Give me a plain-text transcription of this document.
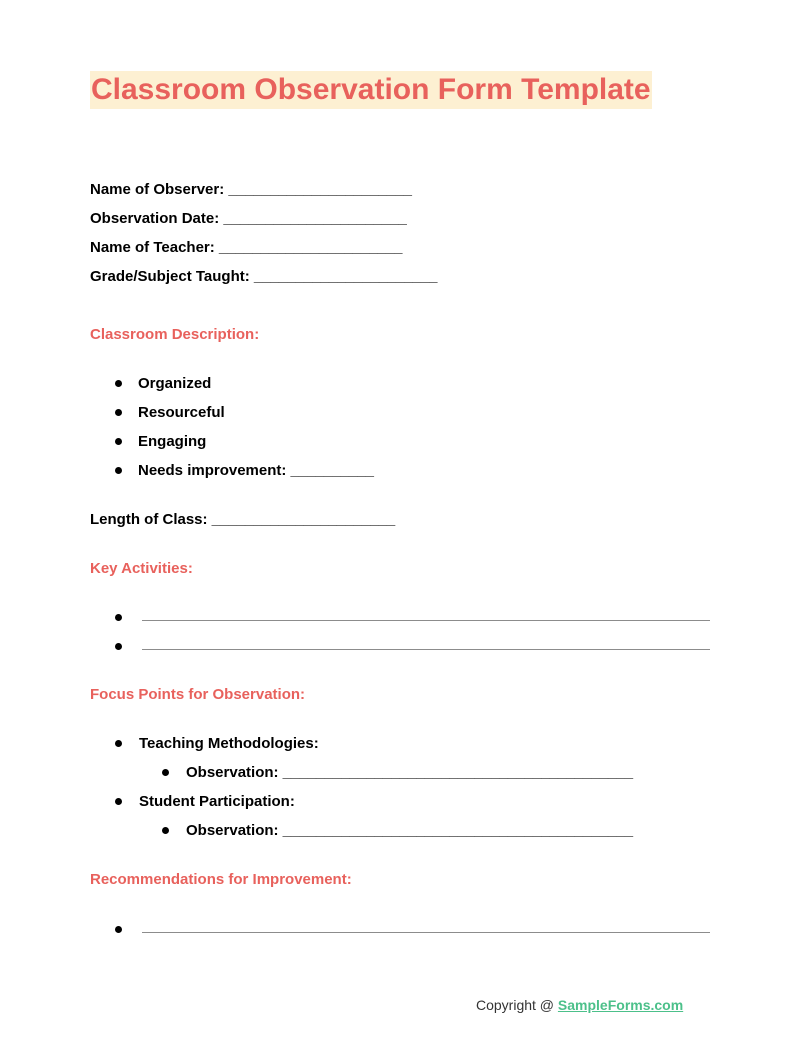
Classroom Observation Form Template
Name of Observer: ______________________
Observation Date: ______________________
Name of Teacher: ______________________
Grade/Subject Taught: ______________________
Classroom Description:
Organized
Resourceful
Engaging
Needs improvement: __________
Length of Class: ______________________
Key Activities:
Focus Points for Observation:
Teaching Methodologies:
Observation: __________________________________________
Student Participation:
Observation: __________________________________________
Recommendations for Improvement:
Copyright @ SampleForms.com
